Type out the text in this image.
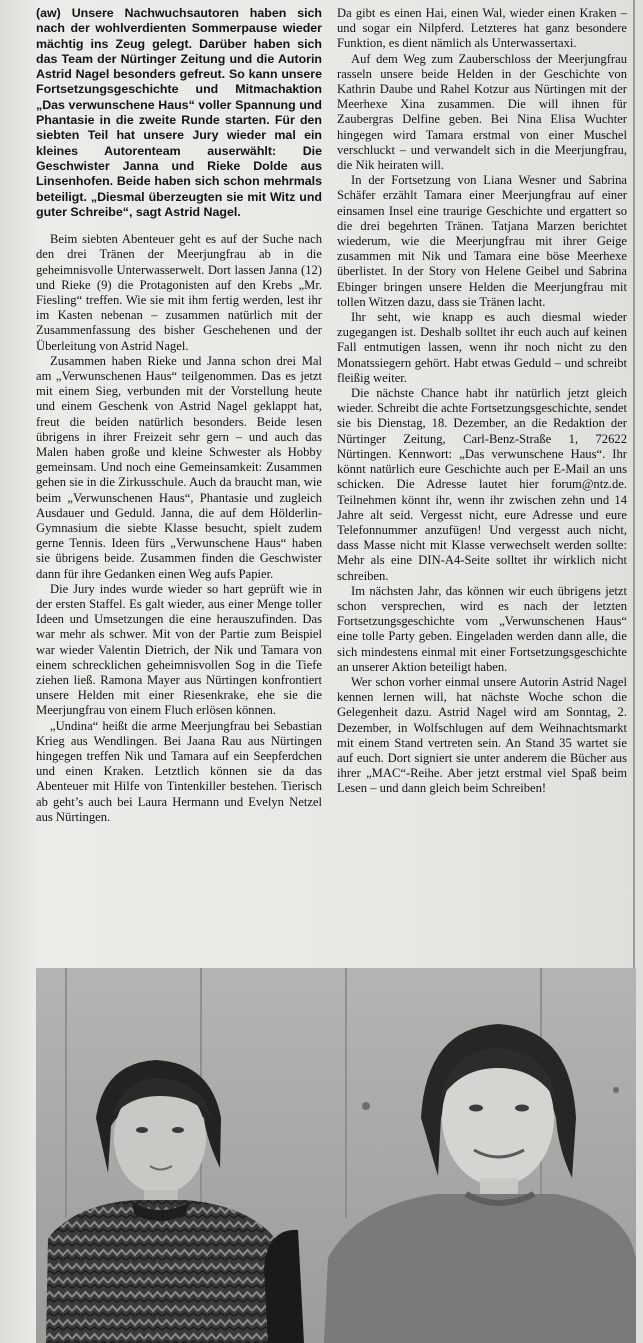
(aw) Unsere Nachwuchsautoren haben sich nach der wohlverdienten Sommerpause wieder mächtig ins Zeug gelegt. Darüber haben sich das Team der Nürtinger Zeitung und die Autorin Astrid Nagel besonders gefreut. So kann unsere Fortsetzungsgeschichte und Mitmachaktion „Das verwunschene Haus“ voller Spannung und Phantasie in die zweite Runde starten. Für den siebten Teil hat unsere Jury wieder mal ein kleines Autorenteam auserwählt: Die Geschwister Janna und Rieke Dolde aus Linsenhofen. Beide haben sich schon mehrmals beteiligt. „Diesmal überzeugten sie mit Witz und guter Schreibe“, sagt Astrid Nagel.

Beim siebten Abenteuer geht es auf der Suche nach den drei Tränen der Meerjungfrau ab in die geheimnisvolle Unterwasserwelt. Dort lassen Janna (12) und Rieke (9) die Protagonisten auf den Krebs „Mr. Fiesling“ treffen. Wie sie mit ihm fertig werden, lest ihr im Kasten nebenan – zusammen natürlich mit der Zusammenfassung des bisher Geschehenen und der Überleitung von Astrid Nagel.

Zusammen haben Rieke und Janna schon drei Mal am „Verwunschenen Haus“ teilgenommen. Das es jetzt mit einem Sieg, verbunden mit der Vorstellung heute und einem Geschenk von Astrid Nagel geklappt hat, freut die beiden natürlich besonders. Beide lesen übrigens in ihrer Freizeit sehr gern – und auch das Malen haben große und kleine Schwester als Hobby gemeinsam. Und noch eine Gemeinsamkeit: Zusammen gehen sie in die Zirkusschule. Auch da braucht man, wie beim „Verwunschenen Haus“, Phantasie und zugleich Ausdauer und Geduld. Janna, die auf dem Hölderlin-Gymnasium die siebte Klasse besucht, spielt zudem gerne Tennis. Ideen fürs „Verwunschene Haus“ haben sie übrigens beide. Zusammen finden die Geschwister dann für ihre Gedanken einen Weg aufs Papier.

Die Jury indes wurde wieder so hart geprüft wie in der ersten Staffel. Es galt wieder, aus einer Menge toller Ideen und Umsetzungen die eine herauszufinden. Das war mehr als schwer. Mit von der Partie zum Beispiel war wieder Valentin Dietrich, der Nik und Tamara von einem schrecklichen geheimnisvollen Sog in die Tiefe ziehen ließ. Ramona Mayer aus Nürtingen konfrontiert unsere Helden mit einer Riesenkrake, ehe sie die Meerjungfrau von einem Fluch erlösen können.

„Undina“ heißt die arme Meerjungfrau bei Sebastian Krieg aus Wendlingen. Bei Jaana Rau aus Nürtingen hingegen treffen Nik und Tamara auf ein Seepferdchen und einen Kraken. Letztlich können sie da das Abenteuer mit Hilfe von Tintenkiller bestehen. Tierisch ab geht’s auch bei Laura Hermann und Evelyn Netzel aus Nürtingen.

Da gibt es einen Hai, einen Wal, wieder einen Kraken – und sogar ein Nilpferd. Letzteres hat ganz besondere Funktion, es dient nämlich als Unterwassertaxi.

Auf dem Weg zum Zauberschloss der Meerjungfrau rasseln unsere beide Helden in der Geschichte von Kathrin Daube und Rahel Kotzur aus Nürtingen mit der Meerhexe Xina zusammen. Die will ihnen für Zaubergras Delfine geben. Bei Nina Elisa Wuchter hingegen wird Tamara erstmal von einer Muschel verschluckt – und verwandelt sich in die Meerjungfrau, die Nik heiraten will.

In der Fortsetzung von Liana Wesner und Sabrina Schäfer erzählt Tamara einer Meerjungfrau auf einer einsamen Insel eine traurige Geschichte und ergattert so die drei begehrten Tränen. Tatjana Marzen berichtet wiederum, wie die Meerjungfrau mit ihrer Geige zusammen mit Nik und Tamara eine böse Meerhexe überlistet. In der Story von Helene Geibel und Sabrina Ebinger bringen unsere Helden die Meerjungfrau mit tollen Witzen dazu, dass sie Tränen lacht.

Ihr seht, wie knapp es auch diesmal wieder zugegangen ist. Deshalb solltet ihr euch auch auf keinen Fall entmutigen lassen, wenn ihr noch nicht zu den Monatssiegern gehört. Habt etwas Geduld – und schreibt fleißig weiter.

Die nächste Chance habt ihr natürlich jetzt gleich wieder. Schreibt die achte Fortsetzungsgeschichte, sendet sie bis Dienstag, 18. Dezember, an die Redaktion der Nürtinger Zeitung, Carl-Benz-Straße 1, 72622 Nürtingen. Kennwort: „Das verwunschene Haus“. Ihr könnt natürlich eure Geschichte auch per E-Mail an uns schicken. Die Adresse lautet hier forum@ntz.de. Teilnehmen könnt ihr, wenn ihr zwischen zehn und 14 Jahre alt seid. Vergesst nicht, eure Adresse und eure Telefonnummer anzufügen! Und vergesst auch nicht, dass Masse nicht mit Klasse verwechselt werden sollte: Mehr als eine DIN-A4-Seite solltet ihr wirklich nicht schreiben.

Im nächsten Jahr, das können wir euch übrigens jetzt schon versprechen, wird es nach der letzten Fortsetzungsgeschichte vom „Verwunschenen Haus“ eine tolle Party geben. Eingeladen werden dann alle, die sich mindestens einmal mit einer Fortsetzungsgeschichte an unserer Aktion beteiligt haben.

Wer schon vorher einmal unsere Autorin Astrid Nagel kennen lernen will, hat nächste Woche schon die Gelegenheit dazu. Astrid Nagel wird am Sonntag, 2. Dezember, in Wolfschlugen auf dem Weihnachtsmarkt mit einem Stand vertreten sein. An Stand 35 wartet sie auf euch. Dort signiert sie unter anderem die Bücher aus ihrer „MAC“-Reihe. Aber jetzt erstmal viel Spaß beim Lesen – und dann gleich beim Schreiben!
